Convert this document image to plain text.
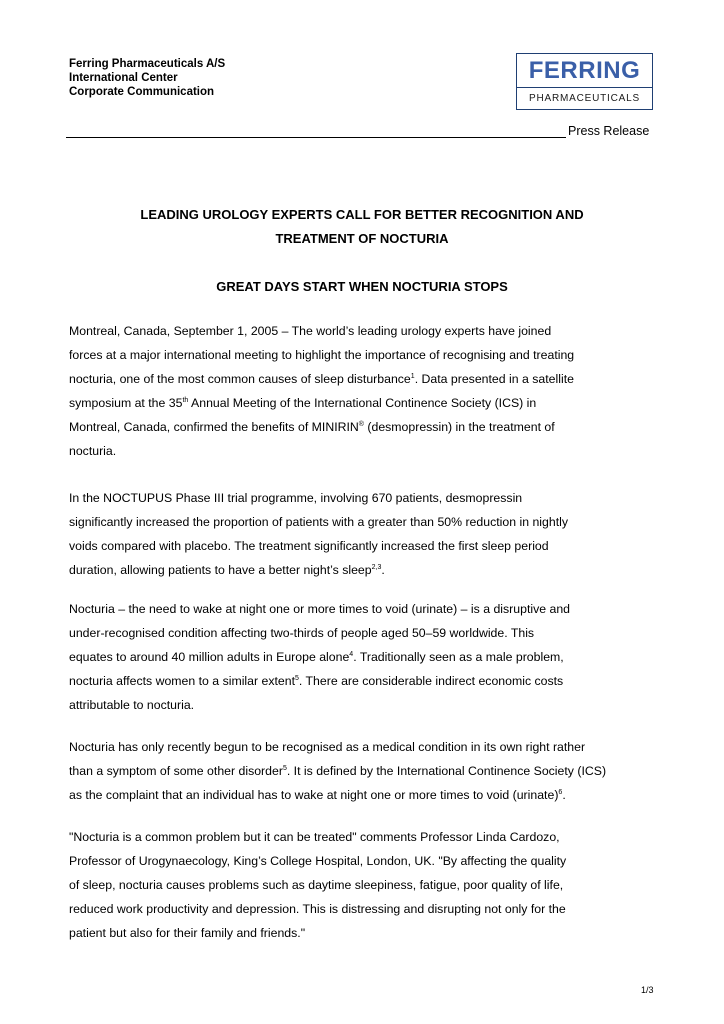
Ferring Pharmaceuticals A/S
International Center
Corporate Communication
FERRING
PHARMACEUTICALS
Press Release
LEADING UROLOGY EXPERTS CALL FOR BETTER RECOGNITION AND
TREATMENT OF NOCTURIA
GREAT DAYS START WHEN NOCTURIA STOPS
Montreal, Canada, September 1, 2005 – The world’s leading urology experts have joined
forces at a major international meeting to highlight the importance of recognising and treating
nocturia, one of the most common causes of sleep disturbance$^1$. Data presented in a satellite
symposium at the 35th Annual Meeting of the International Continence Society (ICS) in
Montreal, Canada, confirmed the benefits of MINIRIN® (desmopressin) in the treatment of
nocturia.
In the NOCTUPUS Phase III trial programme, involving 670 patients, desmopressin
significantly increased the proportion of patients with a greater than 50% reduction in nightly
voids compared with placebo. The treatment significantly increased the first sleep period
duration, allowing patients to have a better night’s sleep$^{2,3}$.
Nocturia – the need to wake at night one or more times to void (urinate) – is a disruptive and
under-recognised condition affecting two-thirds of people aged 50–59 worldwide. This
equates to around 40 million adults in Europe alone$^4$. Traditionally seen as a male problem,
nocturia affects women to a similar extent$^5$. There are considerable indirect economic costs
attributable to nocturia.
Nocturia has only recently begun to be recognised as a medical condition in its own right rather
than a symptom of some other disorder$^5$. It is defined by the International Continence Society (ICS)
as the complaint that an individual has to wake at night one or more times to void (urinate)$^6$.
"Nocturia is a common problem but it can be treated" comments Professor Linda Cardozo,
Professor of Urogynaecology, King’s College Hospital, London, UK. "By affecting the quality
of sleep, nocturia causes problems such as daytime sleepiness, fatigue, poor quality of life,
reduced work productivity and depression. This is distressing and disrupting not only for the
patient but also for their family and friends."
1/3
